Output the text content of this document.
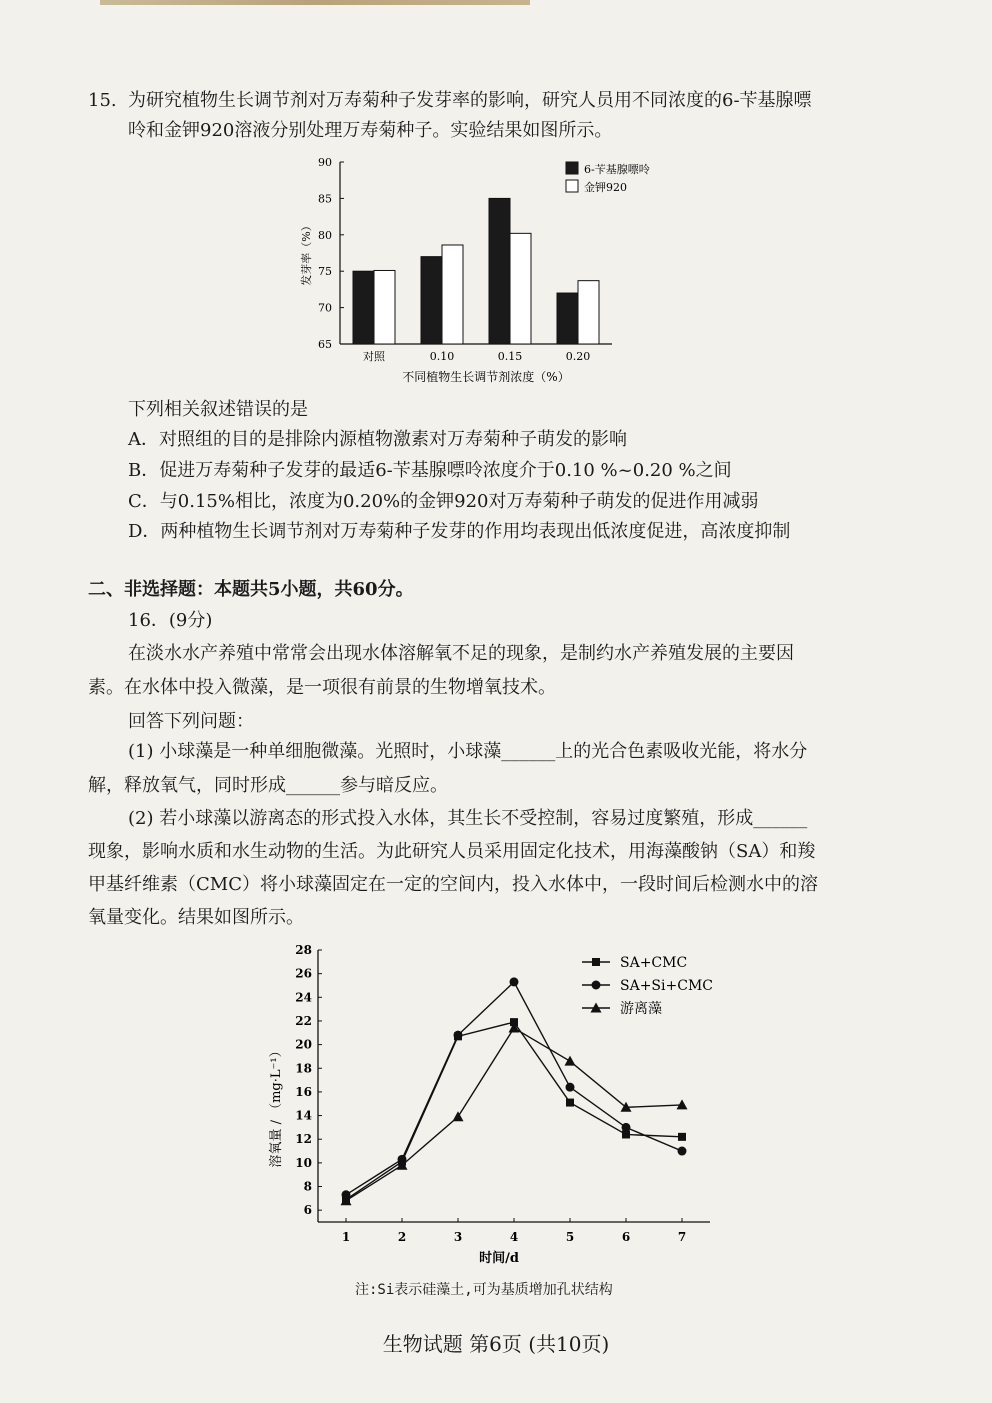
15. 为研究植物生长调节剂对万寿菊种子发芽率的影响，研究人员用不同浓度的6-苄基腺嘌
呤和金钾920溶液分别处理万寿菊种子。实验结果如图所示。
65
70
75
80
85
90
发芽率（%）
对照	0.10	0.15	0.20
不同植物生长调节剂浓度（%）
6-苄基腺嘌呤
金钾920
下列相关叙述错误的是
A．对照组的目的是排除内源植物激素对万寿菊种子萌发的影响
B．促进万寿菊种子发芽的最适6-苄基腺嘌呤浓度介于0.10 %~0.20 %之间
C．与0.15%相比，浓度为0.20%的金钾920对万寿菊种子萌发的促进作用减弱
D．两种植物生长调节剂对万寿菊种子发芽的作用均表现出低浓度促进，高浓度抑制
二、非选择题：本题共5小题，共60分。
16．(9分)
在淡水水产养殖中常常会出现水体溶解氧不足的现象，是制约水产养殖发展的主要因
素。在水体中投入微藻，是一项很有前景的生物增氧技术。
回答下列问题：
(1) 小球藻是一种单细胞微藻。光照时，小球藻______上的光合色素吸收光能，将水分
解，释放氧气，同时形成______参与暗反应。
(2) 若小球藻以游离态的形式投入水体，其生长不受控制，容易过度繁殖，形成______
现象，影响水质和水生动物的生活。为此研究人员采用固定化技术，用海藻酸钠（SA）和羧
甲基纤维素（CMC）将小球藻固定在一定的空间内，投入水体中，一段时间后检测水中的溶
氧量变化。结果如图所示。
6
8
10
12
14
16
18
20
22
24
26
28
1	2	3	4	5	6	7
时间/d
溶氧量 / （mg·L⁻¹）
SA+CMC
SA+Si+CMC
游离藻
注:Si表示硅藻土,可为基质增加孔状结构
生物试题 第6页 (共10页)
